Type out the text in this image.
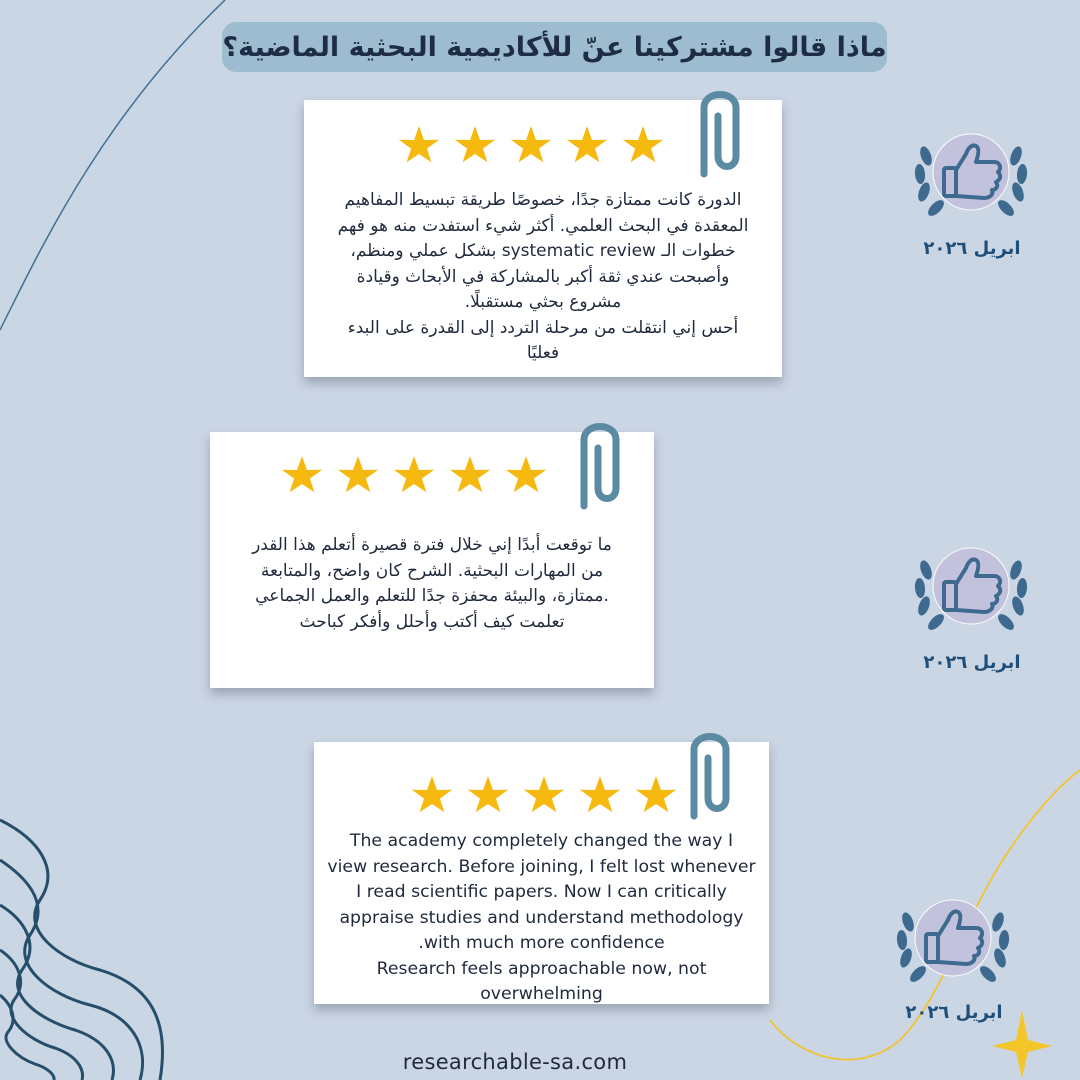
ماذا قالوا مشتركينا عنّ للأكاديمية البحثية الماضية؟
الدورة كانت ممتازة جدًا، خصوصًا طريقة تبسيط المفاهيم
المعقدة في البحث العلمي. أكثر شيء استفدت منه هو فهم
خطوات الـ systematic review بشكل عملي ومنظم،
وأصبحت عندي ثقة أكبر بالمشاركة في الأبحاث وقيادة
مشروع بحثي مستقبلًا.
أحس إني انتقلت من مرحلة التردد إلى القدرة على البدء
فعليًا
ما توقعت أبدًا إني خلال فترة قصيرة أتعلم هذا القدر
من المهارات البحثية. الشرح كان واضح، والمتابعة
.ممتازة، والبيئة محفزة جدًا للتعلم والعمل الجماعي
تعلمت كيف أكتب وأحلل وأفكر كباحث
The academy completely changed the way I
view research. Before joining, I felt lost whenever
I read scientific papers. Now I can critically
appraise studies and understand methodology
.with much more confidence
Research feels approachable now, not
overwhelming
ابريل ٢٠٢٦
ابريل ٢٠٢٦
ابريل ٢٠٢٦
researchable-sa.com
